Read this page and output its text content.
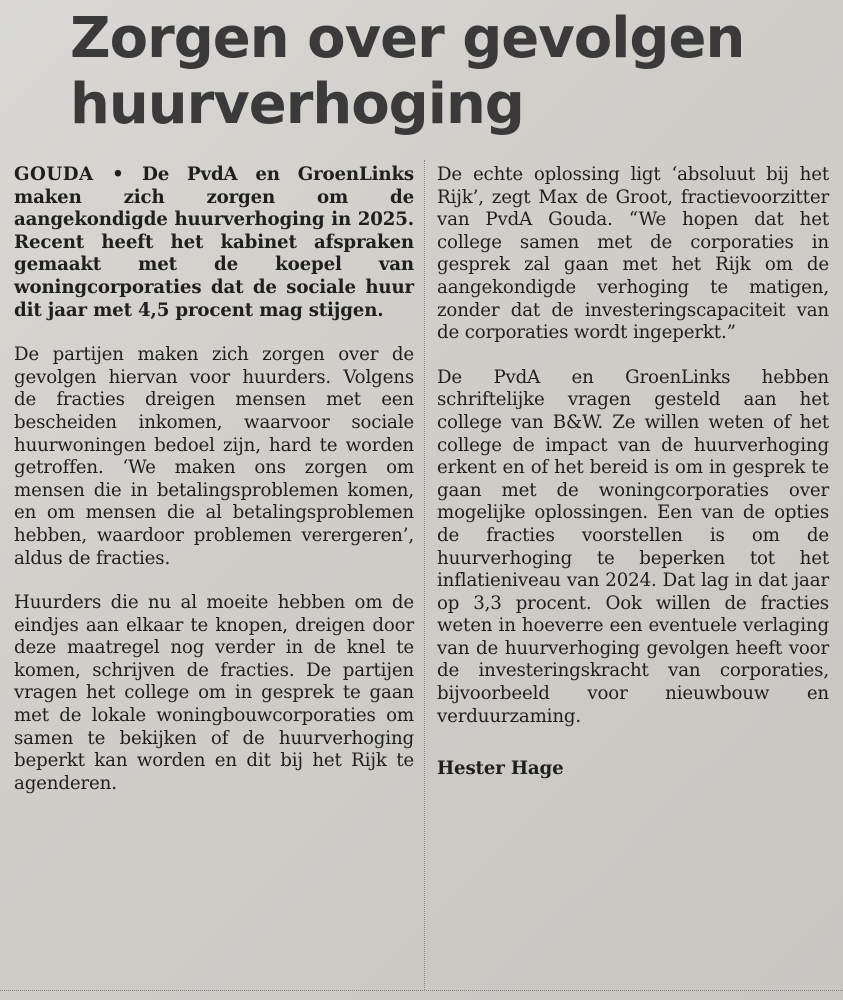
Zorgen over gevolgen
huurverhoging

GOUDA • De PvdA en GroenLinks maken zich zorgen om de aangekondigde huurverhoging in 2025. Recent heeft het kabinet afspraken gemaakt met de koepel van woningcorporaties dat de sociale huur dit jaar met 4,5 procent mag stijgen.

De partijen maken zich zorgen over de gevolgen hiervan voor huurders. Volgens de fracties dreigen mensen met een bescheiden inkomen, waarvoor sociale huurwoningen bedoel zijn, hard te worden getroffen. ‘We maken ons zorgen om mensen die in betalingsproblemen komen, en om mensen die al betalingsproblemen hebben, waardoor problemen verergeren’, aldus de fracties.

Huurders die nu al moeite hebben om de eindjes aan elkaar te knopen, dreigen door deze maatregel nog verder in de knel te komen, schrijven de fracties. De partijen vragen het college om in gesprek te gaan met de lokale woningbouwcorporaties om samen te bekijken of de huurverhoging beperkt kan worden en dit bij het Rijk te agenderen.

De echte oplossing ligt ‘absoluut bij het Rijk’, zegt Max de Groot, fractievoorzitter van PvdA Gouda. “We hopen dat het college samen met de corporaties in gesprek zal gaan met het Rijk om de aangekondigde verhoging te matigen, zonder dat de investeringscapaciteit van de corporaties wordt ingeperkt.”

De PvdA en GroenLinks hebben schriftelijke vragen gesteld aan het college van B&W. Ze willen weten of het college de impact van de huurverhoging erkent en of het bereid is om in gesprek te gaan met de woningcorporaties over mogelijke oplossingen. Een van de opties de fracties voorstellen is om de huurverhoging te beperken tot het inflatieniveau van 2024. Dat lag in dat jaar op 3,3 procent. Ook willen de fracties weten in hoeverre een eventuele verlaging van de huurverhoging gevolgen heeft voor de investeringskracht van corporaties, bijvoorbeeld voor nieuwbouw en verduurzaming.

Hester Hage
